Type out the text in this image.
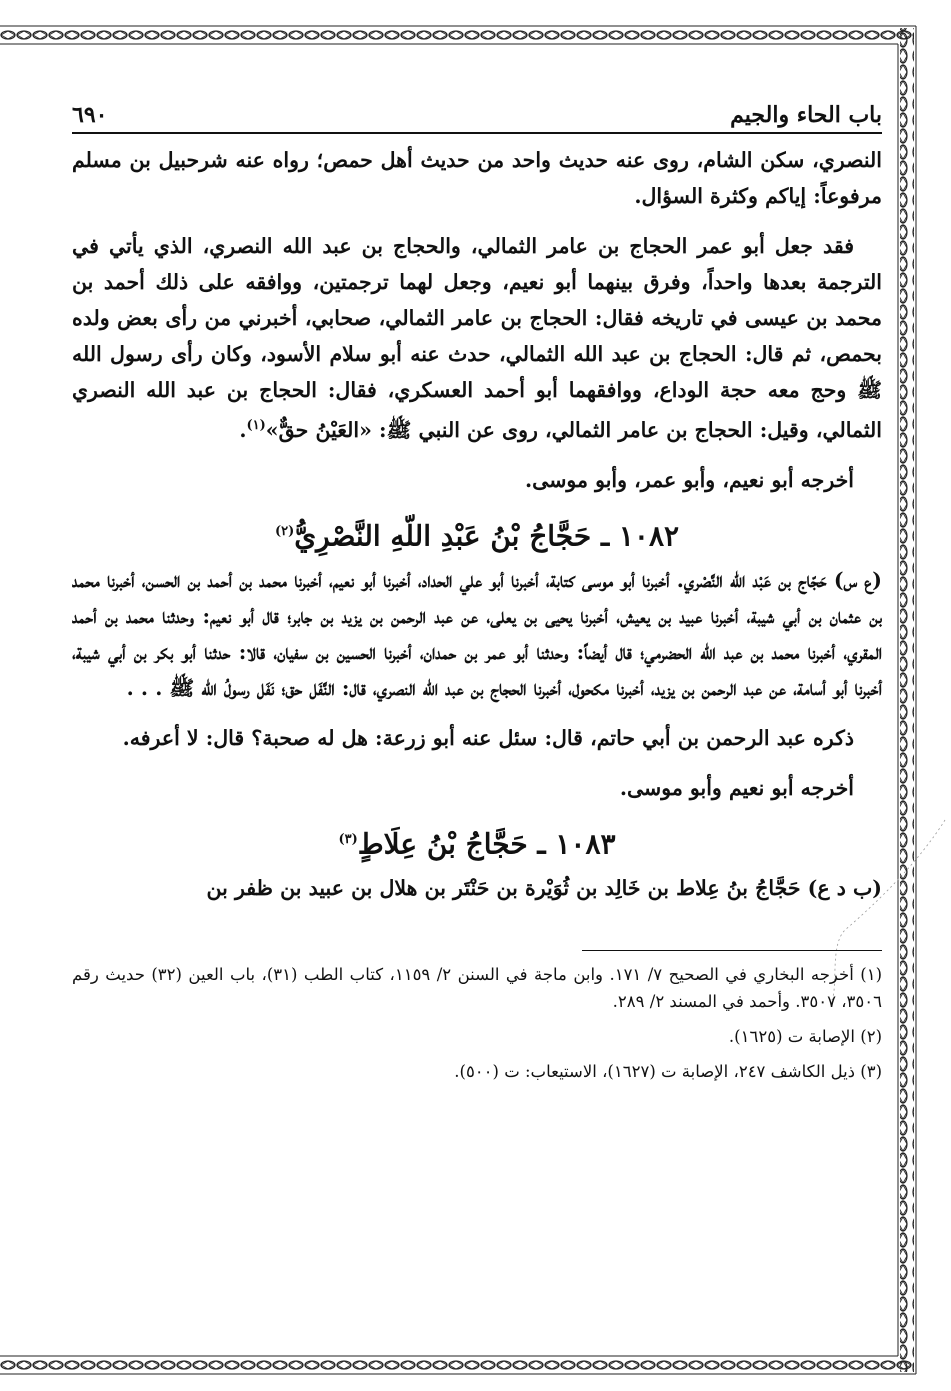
باب الحاء والجيم
٦٩٠

النصري، سكن الشام، روى عنه حديث واحد من حديث أهل حمص؛ رواه عنه شرحبيل بن مسلم مرفوعاً: إياكم وكثرة السؤال.

فقد جعل أبو عمر الحجاج بن عامر الثمالي، والحجاج بن عبد الله النصري، الذي يأتي في الترجمة بعدها واحداً، وفرق بينهما أبو نعيم، وجعل لهما ترجمتين، ووافقه على ذلك أحمد بن محمد بن عيسى في تاريخه فقال: الحجاج بن عامر الثمالي، صحابي، أخبرني من رأى بعض ولده بحمص، ثم قال: الحجاج بن عبد الله الثمالي، حدث عنه أبو سلام الأسود، وكان رأى رسول الله ﷺ وحج معه حجة الوداع، ووافقهما أبو أحمد العسكري، فقال: الحجاج بن عبد الله النصري الثمالي، وقيل: الحجاج بن عامر الثمالي، روى عن النبي ﷺ: «العَيْنُ حقٌّ»$^{(١)}$.

أخرجه أبو نعيم، وأبو عمر، وأبو موسى.

١٠٨٢ ـ حَجَّاجُ بْنُ عَبْدِ اللّهِ النَّصْرِيُّ$^{(٢)}$

(ع س) حَجّاج بن عَبْد الله النَّصْري. أخبرنا أبو موسى كتابة، أخبرنا أبو علي الحداد، أخبرنا أبو نعيم، أخبرنا محمد بن أحمد بن الحسن، أخبرنا محمد بن عثمان بن أبي شيبة، أخبرنا عبيد بن يعيش، أخبرنا يحيى بن يعلى، عن عبد الرحمن بن يزيد بن جابر؛ قال أبو نعيم: وحدثنا محمد بن أحمد المقري، أخبرنا محمد بن عبد الله الحضرمي؛ قال أيضاً: وحدثنا أبو عمر بن حمدان، أخبرنا الحسين بن سفيان، قالا: حدثنا أبو بكر بن أبي شيبة، أخبرنا أبو أسامة، عن عبد الرحمن بن يزيد، أخبرنا مكحول، أخبرنا الحجاج بن عبد الله النصري، قال: النَّفَل حق؛ نَفَل رسولُ الله ﷺ . . .

ذكره عبد الرحمن بن أبي حاتم، قال: سئل عنه أبو زرعة: هل له صحبة؟ قال: لا أعرفه.

أخرجه أبو نعيم وأبو موسى.

١٠٨٣ ـ حَجَّاجُ بْنُ عِلَاطٍ$^{(٣)}$

(ب د ع) حَجَّاجُ بنُ عِلاط بن خَالِد بن ثُوَيْرة بن حَنْتَر بن هلال بن عبيد بن ظفر بن

(١) أخرجه البخاري في الصحيح ٧/ ١٧١. وابن ماجة في السنن ٢/ ١١٥٩، كتاب الطب (٣١)، باب العين (٣٢) حديث رقم ٣٥٠٦، ٣٥٠٧. وأحمد في المسند ٢/ ٢٨٩.

(٢) الإصابة ت (١٦٢٥).

(٣) ذيل الكاشف ٢٤٧، الإصابة ت (١٦٢٧)، الاستيعاب: ت (٥٠٠).
